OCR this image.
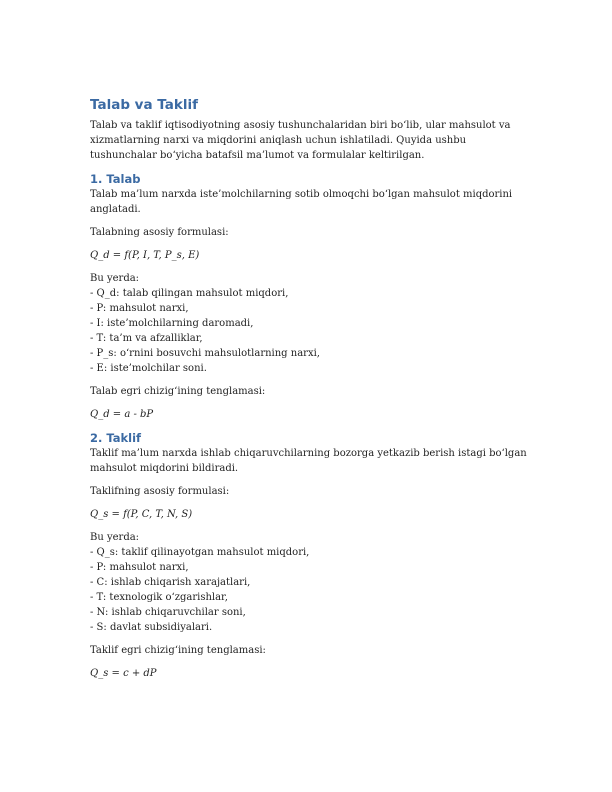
Talab va Taklif
Talab va taklif iqtisodiyotning asosiy tushunchalaridan biri bo‘lib, ular mahsulot va xizmatlarning narxi va miqdorini aniqlash uchun ishlatiladi. Quyida ushbu tushunchalar bo‘yicha batafsil ma’lumot va formulalar keltirilgan.
1. Talab
Talab ma’lum narxda iste’molchilarning sotib olmoqchi bo‘lgan mahsulot miqdorini anglatadi.
Talabning asosiy formulasi:
Q_d = f(P, I, T, P_s, E)
Bu yerda:
- Q_d: talab qilingan mahsulot miqdori,
- P: mahsulot narxi,
- I: iste’molchilarning daromadi,
- T: ta’m va afzalliklar,
- P_s: o‘rnini bosuvchi mahsulotlarning narxi,
- E: iste’molchilar soni.
Talab egri chizig‘ining tenglamasi:
Q_d = a - bP
2. Taklif
Taklif ma’lum narxda ishlab chiqaruvchilarning bozorga yetkazib berish istagi bo‘lgan mahsulot miqdorini bildiradi.
Taklifning asosiy formulasi:
Q_s = f(P, C, T, N, S)
Bu yerda:
- Q_s: taklif qilinayotgan mahsulot miqdori,
- P: mahsulot narxi,
- C: ishlab chiqarish xarajatlari,
- T: texnologik o‘zgarishlar,
- N: ishlab chiqaruvchilar soni,
- S: davlat subsidiyalari.
Taklif egri chizig‘ining tenglamasi:
Q_s = c + dP
